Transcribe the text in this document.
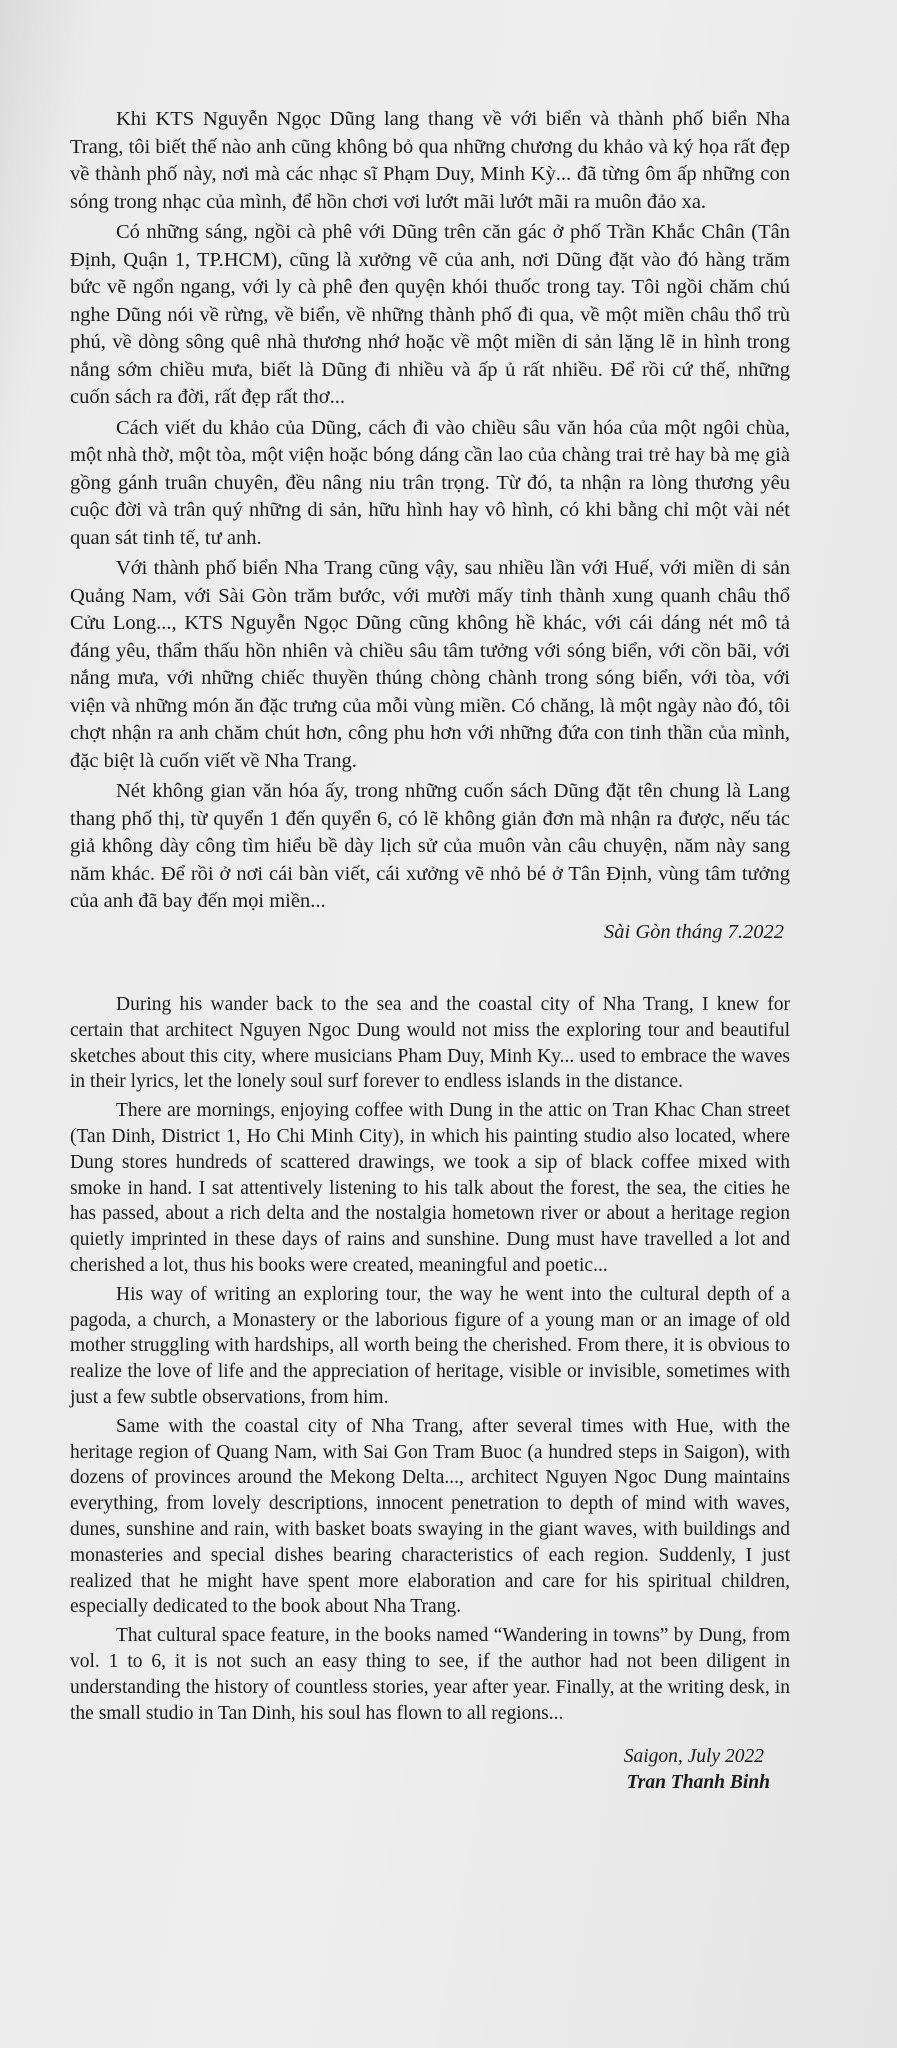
Khi KTS Nguyễn Ngọc Dũng lang thang về với biển và thành phố biển Nha Trang, tôi biết thế nào anh cũng không bỏ qua những chương du khảo và ký họa rất đẹp về thành phố này, nơi mà các nhạc sĩ Phạm Duy, Minh Kỳ... đã từng ôm ấp những con sóng trong nhạc của mình, để hồn chơi vơi lướt mãi lướt mãi ra muôn đảo xa.

Có những sáng, ngồi cà phê với Dũng trên căn gác ở phố Trần Khắc Chân (Tân Định, Quận 1, TP.HCM), cũng là xưởng vẽ của anh, nơi Dũng đặt vào đó hàng trăm bức vẽ ngổn ngang, với ly cà phê đen quyện khói thuốc trong tay. Tôi ngồi chăm chú nghe Dũng nói về rừng, về biển, về những thành phố đi qua, về một miền châu thổ trù phú, về dòng sông quê nhà thương nhớ hoặc về một miền di sản lặng lẽ in hình trong nắng sớm chiều mưa, biết là Dũng đi nhiều và ấp ủ rất nhiều. Để rồi cứ thế, những cuốn sách ra đời, rất đẹp rất thơ...

Cách viết du khảo của Dũng, cách đi vào chiều sâu văn hóa của một ngôi chùa, một nhà thờ, một tòa, một viện hoặc bóng dáng cần lao của chàng trai trẻ hay bà mẹ già gồng gánh truân chuyên, đều nâng niu trân trọng. Từ đó, ta nhận ra lòng thương yêu cuộc đời và trân quý những di sản, hữu hình hay vô hình, có khi bằng chỉ một vài nét quan sát tinh tế, tư anh.

Với thành phố biển Nha Trang cũng vậy, sau nhiều lần với Huế, với miền di sản Quảng Nam, với Sài Gòn trăm bước, với mười mấy tỉnh thành xung quanh châu thổ Cửu Long..., KTS Nguyễn Ngọc Dũng cũng không hề khác, với cái dáng nét mô tả đáng yêu, thẩm thấu hồn nhiên và chiều sâu tâm tưởng với sóng biển, với cồn bãi, với nắng mưa, với những chiếc thuyền thúng chòng chành trong sóng biển, với tòa, với viện và những món ăn đặc trưng của mỗi vùng miền. Có chăng, là một ngày nào đó, tôi chợt nhận ra anh chăm chút hơn, công phu hơn với những đứa con tinh thần của mình, đặc biệt là cuốn viết về Nha Trang.

Nét không gian văn hóa ấy, trong những cuốn sách Dũng đặt tên chung là Lang thang phố thị, từ quyển 1 đến quyển 6, có lẽ không giản đơn mà nhận ra được, nếu tác giả không dày công tìm hiểu bề dày lịch sử của muôn vàn câu chuyện, năm này sang năm khác. Để rồi ở nơi cái bàn viết, cái xưởng vẽ nhỏ bé ở Tân Định, vùng tâm tưởng của anh đã bay đến mọi miền...

Sài Gòn tháng 7.2022

During his wander back to the sea and the coastal city of Nha Trang, I knew for certain that architect Nguyen Ngoc Dung would not miss the exploring tour and beautiful sketches about this city, where musicians Pham Duy, Minh Ky... used to embrace the waves in their lyrics, let the lonely soul surf forever to endless islands in the distance.

There are mornings, enjoying coffee with Dung in the attic on Tran Khac Chan street (Tan Dinh, District 1, Ho Chi Minh City), in which his painting studio also located, where Dung stores hundreds of scattered drawings, we took a sip of black coffee mixed with smoke in hand. I sat attentively listening to his talk about the forest, the sea, the cities he has passed, about a rich delta and the nostalgia hometown river or about a heritage region quietly imprinted in these days of rains and sunshine. Dung must have travelled a lot and cherished a lot, thus his books were created, meaningful and poetic...

His way of writing an exploring tour, the way he went into the cultural depth of a pagoda, a church, a Monastery or the laborious figure of a young man or an image of old mother struggling with hardships, all worth being the cherished. From there, it is obvious to realize the love of life and the appreciation of heritage, visible or invisible, sometimes with just a few subtle observations, from him.

Same with the coastal city of Nha Trang, after several times with Hue, with the heritage region of Quang Nam, with Sai Gon Tram Buoc (a hundred steps in Saigon), with dozens of provinces around the Mekong Delta..., architect Nguyen Ngoc Dung maintains everything, from lovely descriptions, innocent penetration to depth of mind with waves, dunes, sunshine and rain, with basket boats swaying in the giant waves, with buildings and monasteries and special dishes bearing characteristics of each region. Suddenly, I just realized that he might have spent more elaboration and care for his spiritual children, especially dedicated to the book about Nha Trang.

That cultural space feature, in the books named “Wandering in towns” by Dung, from vol. 1 to 6, it is not such an easy thing to see, if the author had not been diligent in understanding the history of countless stories, year after year. Finally, at the writing desk, in the small studio in Tan Dinh, his soul has flown to all regions...

Saigon, July 2022
Tran Thanh Binh
